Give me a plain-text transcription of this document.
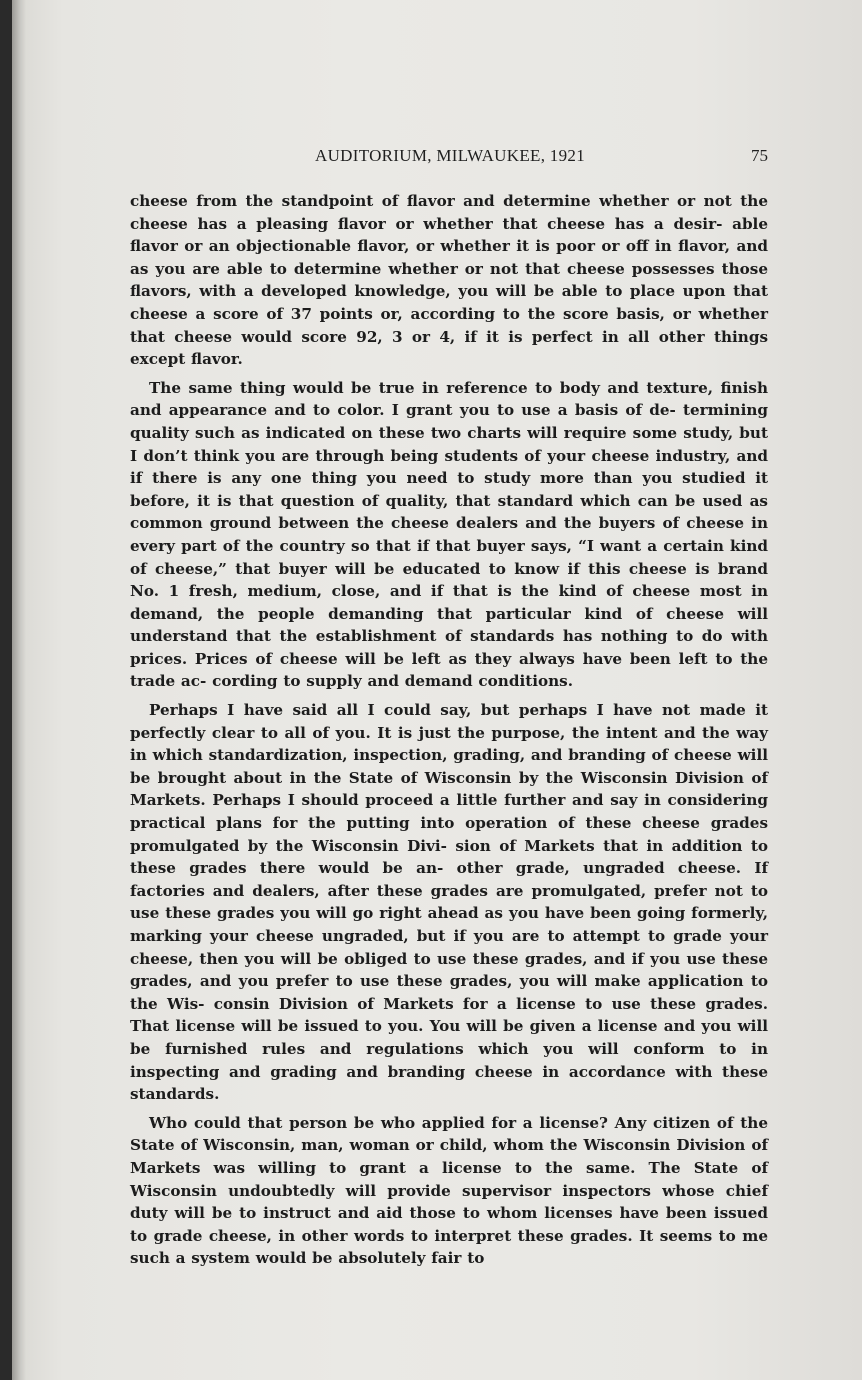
AUDITORIUM, MILWAUKEE, 1921	75

cheese from the standpoint of flavor and determine whether or not the cheese has a pleasing flavor or whether that cheese has a desir- able flavor or an objectionable flavor, or whether it is poor or off in flavor, and as you are able to determine whether or not that cheese possesses those flavors, with a developed knowledge, you will be able to place upon that cheese a score of 37 points or, according to the score basis, or whether that cheese would score 92, 3 or 4, if it is perfect in all other things except flavor.

The same thing would be true in reference to body and texture, finish and appearance and to color. I grant you to use a basis of de- termining quality such as indicated on these two charts will require some study, but I don’t think you are through being students of your cheese industry, and if there is any one thing you need to study more than you studied it before, it is that question of quality, that standard which can be used as common ground between the cheese dealers and the buyers of cheese in every part of the country so that if that buyer says, “I want a certain kind of cheese,” that buyer will be educated to know if this cheese is brand No. 1 fresh, medium, close, and if that is the kind of cheese most in demand, the people demanding that particular kind of cheese will understand that the establishment of standards has nothing to do with prices. Prices of cheese will be left as they always have been left to the trade ac- cording to supply and demand conditions.

Perhaps I have said all I could say, but perhaps I have not made it perfectly clear to all of you. It is just the purpose, the intent and the way in which standardization, inspection, grading, and branding of cheese will be brought about in the State of Wisconsin by the Wisconsin Division of Markets. Perhaps I should proceed a little further and say in considering practical plans for the putting into operation of these cheese grades promulgated by the Wisconsin Divi- sion of Markets that in addition to these grades there would be an- other grade, ungraded cheese. If factories and dealers, after these grades are promulgated, prefer not to use these grades you will go right ahead as you have been going formerly, marking your cheese ungraded, but if you are to attempt to grade your cheese, then you will be obliged to use these grades, and if you use these grades, and you prefer to use these grades, you will make application to the Wis- consin Division of Markets for a license to use these grades. That license will be issued to you. You will be given a license and you will be furnished rules and regulations which you will conform to in inspecting and grading and branding cheese in accordance with these standards.

Who could that person be who applied for a license? Any citizen of the State of Wisconsin, man, woman or child, whom the Wisconsin Division of Markets was willing to grant a license to the same. The State of Wisconsin undoubtedly will provide supervisor inspectors whose chief duty will be to instruct and aid those to whom licenses have been issued to grade cheese, in other words to interpret these grades. It seems to me such a system would be absolutely fair to
